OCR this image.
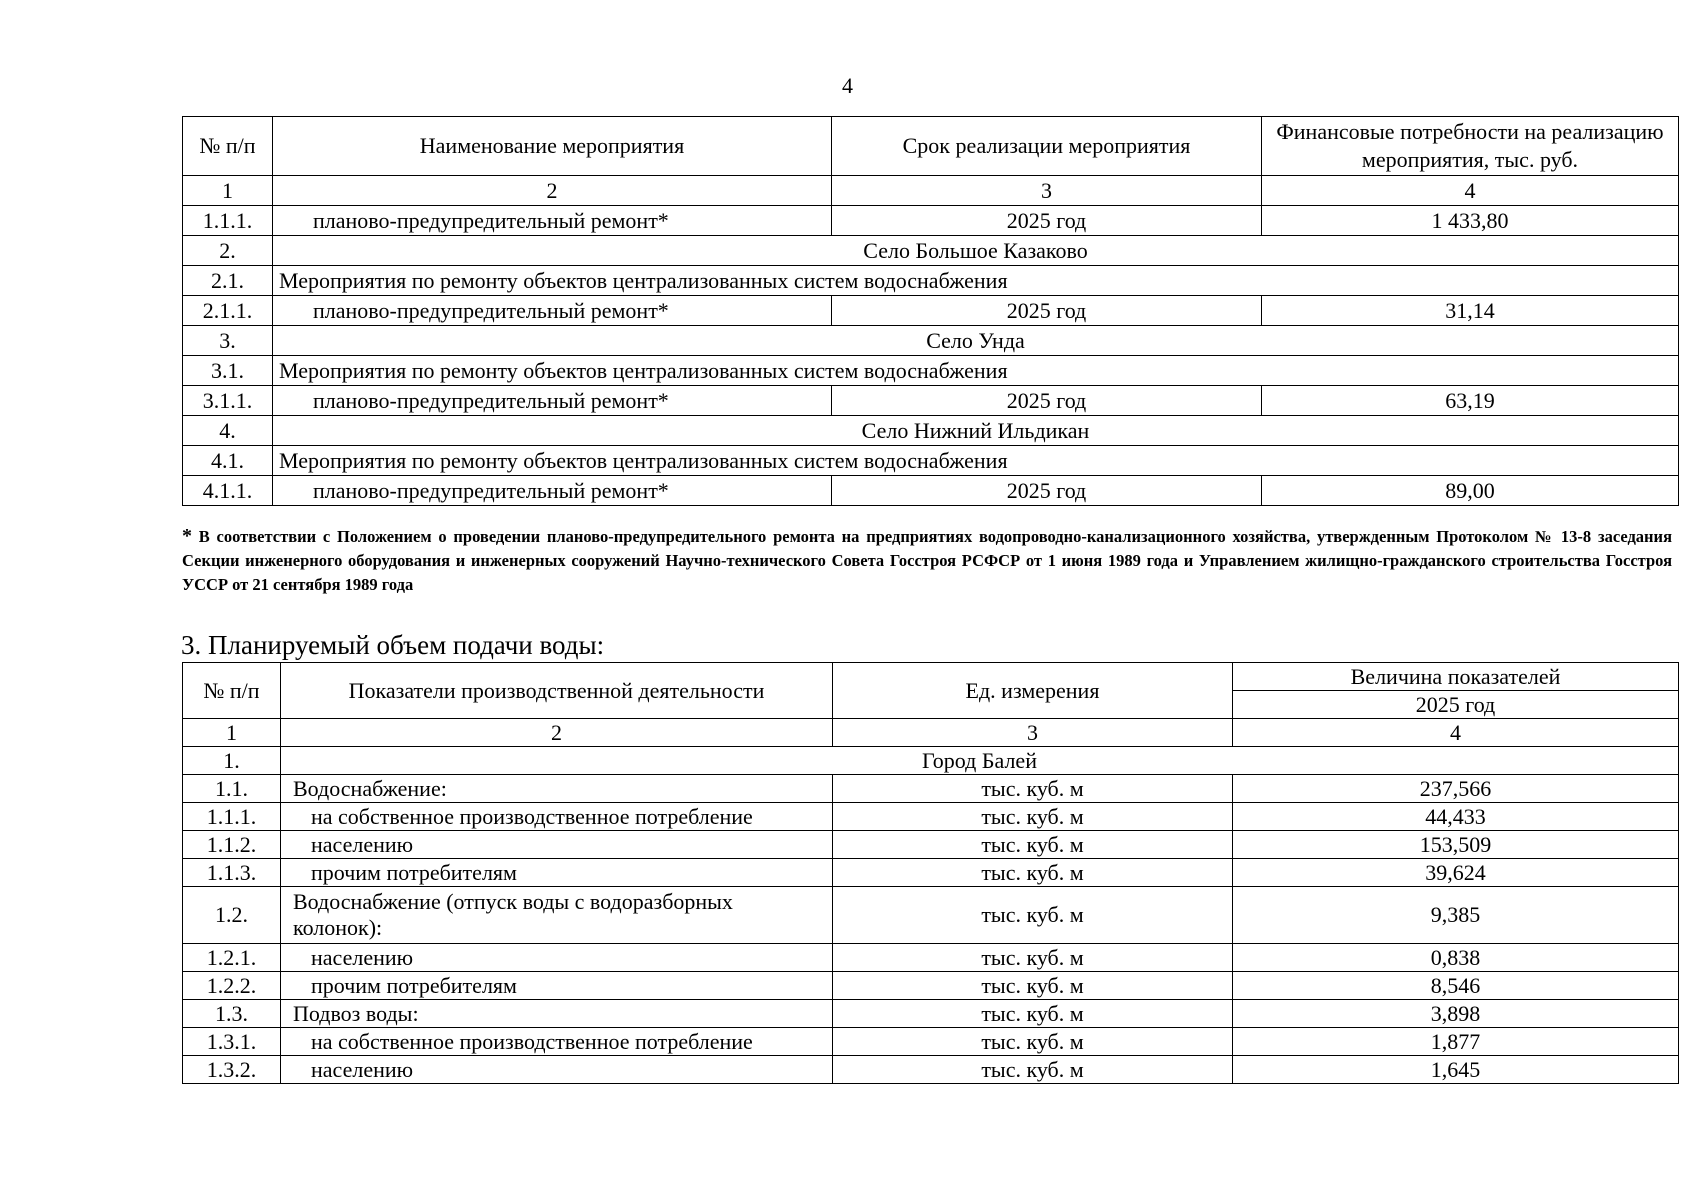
4
№ п/п	Наименование мероприятия	Срок реализации мероприятия	Финансовые потребности на реализацию мероприятия, тыс. руб.
1	2	3	4
1.1.1.	планово-предупредительный ремонт*	2025 год	1 433,80
2.	Село Большое Казаково		
2.1.	Мероприятия по ремонту объектов централизованных систем водоснабжения		
2.1.1.	планово-предупредительный ремонт*	2025 год	31,14
3.	Село Унда		
3.1.	Мероприятия по ремонту объектов централизованных систем водоснабжения		
3.1.1.	планово-предупредительный ремонт*	2025 год	63,19
4.	Село Нижний Ильдикан		
4.1.	Мероприятия по ремонту объектов централизованных систем водоснабжения		
4.1.1.	планово-предупредительный ремонт*	2025 год	89,00
* В соответствии с Положением о проведении планово-предупредительного ремонта на предприятиях водопроводно-канализационного хозяйства, утвержденным Протоколом № 13-8 заседания Секции инженерного оборудования и инженерных сооружений Научно-технического Совета Госстроя РСФСР от 1 июня 1989 года и Управлением жилищно-гражданского строительства Госстроя УССР от 21 сентября 1989 года
3. Планируемый объем подачи воды:
№ п/п	Показатели производственной деятельности	Ед. измерения	Величина показателей
			2025 год
1	2	3	4
1.	Город Балей		
1.1.	Водоснабжение:	тыс. куб. м	237,566
1.1.1.	на собственное производственное потребление	тыс. куб. м	44,433
1.1.2.	населению	тыс. куб. м	153,509
1.1.3.	прочим потребителям	тыс. куб. м	39,624
1.2.	Водоснабжение (отпуск воды с водоразборных колонок):	тыс. куб. м	9,385
1.2.1.	населению	тыс. куб. м	0,838
1.2.2.	прочим потребителям	тыс. куб. м	8,546
1.3.	Подвоз воды:	тыс. куб. м	3,898
1.3.1.	на собственное производственное потребление	тыс. куб. м	1,877
1.3.2.	населению	тыс. куб. м	1,645
